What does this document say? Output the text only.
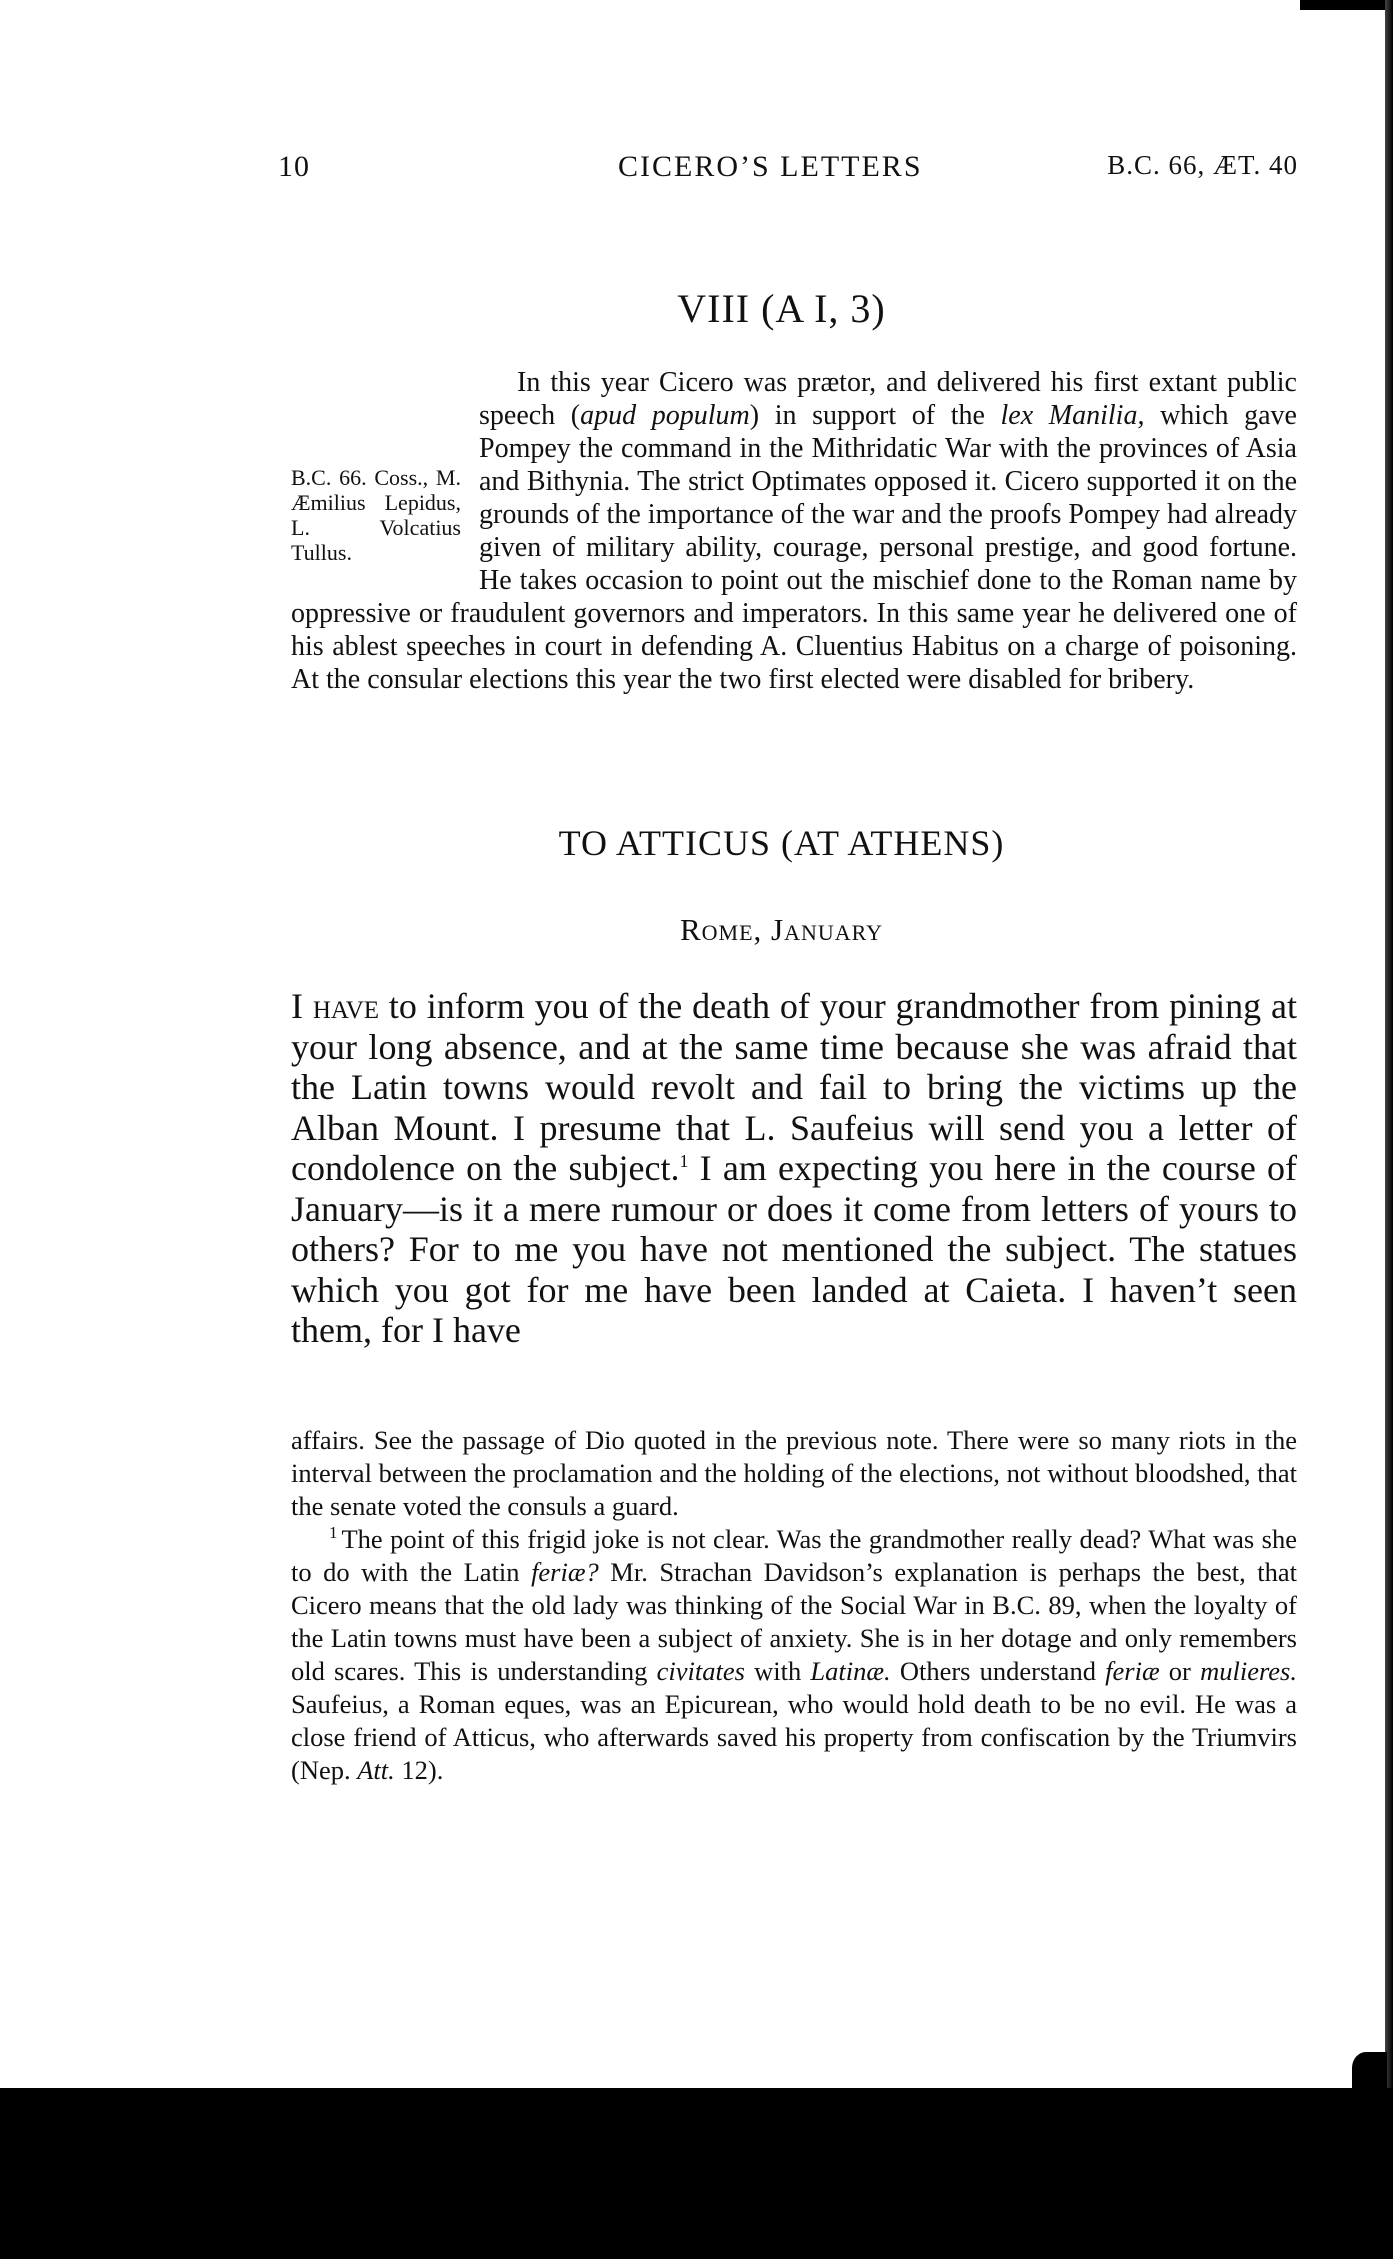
10	CICERO’S LETTERS	B.C. 66, ÆT. 40
VIII (A I, 3)

B.C. 66. Coss., M. Æmilius Lepidus, L. Volcatius Tullus.
In this year Cicero was prætor, and delivered his first extant public speech (apud populum) in support of the lex Manilia, which gave Pompey the command in the Mithridatic War with the provinces of Asia and Bithynia. The strict Optimates opposed it. Cicero supported it on the grounds of the importance of the war and the proofs Pompey had already given of military ability, courage, personal prestige, and good fortune. He takes occasion to point out the mischief done to the Roman name by oppressive or fraudulent governors and imperators. In this same year he delivered one of his ablest speeches in court in defending A. Cluentius Habitus on a charge of poisoning. At the consular elections this year the two first elected were disabled for bribery.

TO ATTICUS (AT ATHENS)
Rome, January

I have to inform you of the death of your grandmother from pining at your long absence, and at the same time because she was afraid that the Latin towns would revolt and fail to bring the victims up the Alban Mount. I presume that L. Saufeius will send you a letter of condolence on the subject.$^1$ I am expecting you here in the course of January—is it a mere rumour or does it come from letters of yours to others? For to me you have not mentioned the subject. The statues which you got for me have been landed at Caieta. I haven’t seen them, for I have

affairs. See the passage of Dio quoted in the previous note. There were so many riots in the interval between the proclamation and the holding of the elections, not without bloodshed, that the senate voted the consuls a guard.

$^1$ The point of this frigid joke is not clear. Was the grandmother really dead? What was she to do with the Latin feriæ? Mr. Strachan Davidson’s explanation is perhaps the best, that Cicero means that the old lady was thinking of the Social War in B.C. 89, when the loyalty of the Latin towns must have been a subject of anxiety. She is in her dotage and only remembers old scares. This is understanding civitates with Latinæ. Others understand feriæ or mulieres. Saufeius, a Roman eques, was an Epicurean, who would hold death to be no evil. He was a close friend of Atticus, who afterwards saved his property from confiscation by the Triumvirs (Nep. Att. 12).
